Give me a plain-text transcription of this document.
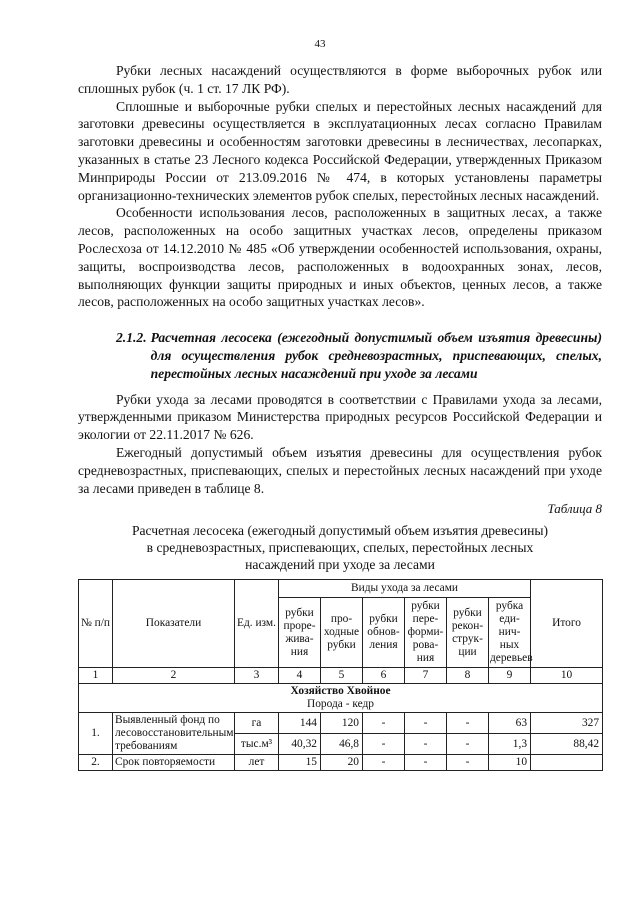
43

Рубки лесных насаждений осуществляются в форме выборочных рубок или сплошных рубок (ч. 1 ст. 17 ЛК РФ).

Сплошные и выборочные рубки спелых и перестойных лесных насаждений для заготовки древесины осуществляется в эксплуатационных лесах согласно Правилам заготовки древесины и особенностям заготовки древесины в лесничествах, лесопарках, указанных в статье 23 Лесного кодекса Российской Федерации, утвержденных Приказом Минприроды России от 213.09.2016 № 474, в которых установлены параметры организационно-технических элементов рубок спелых, перестойных лесных насаждений.

Особенности использования лесов, расположенных в защитных лесах, а также лесов, расположенных на особо защитных участках лесов, определены приказом Рослесхоза от 14.12.2010 № 485 «Об утверждении особенностей использования, охраны, защиты, воспроизводства лесов, расположенных в водоохранных зонах, лесов, выполняющих функции защиты природных и иных объектов, ценных лесов, а также лесов, расположенных на особо защитных участках лесов».

2.1.2. Расчетная лесосека (ежегодный допустимый объем изъятия древесины) для осуществления рубок средневозрастных, приспевающих, спелых, перестойных лесных насаждений при уходе за лесами

Рубки ухода за лесами проводятся в соответствии с Правилами ухода за лесами, утвержденными приказом Министерства природных ресурсов Российской Федерации и экологии от 22.11.2017 № 626.

Ежегодный допустимый объем изъятия древесины для осуществления рубок средневозрастных, приспевающих, спелых и перестойных лесных насаждений при уходе за лесами приведен в таблице 8.

Таблица 8
Расчетная лесосека (ежегодный допустимый объем изъятия древесины)
в средневозрастных, приспевающих, спелых, перестойных лесных
насаждений при уходе за лесами
№ п/п	Показатели	Ед. изм.	Виды ухода за лесами						Итого
			рубки проре-жива-ния	про-ходные рубки	рубки обнов-ления	рубки пере-форми-рова-ния	рубки рекон-струк-ции	рубка еди-нич-ных деревьев	
1	2	3	4	5	6	7	8	9	10

Хозяйство Хвойное
Порода - кедр									

1.	Выявленный фонд по лесовосстановительным требованиям	га	144	120	-	-	-	63	327
		тыс.м³	40,32	46,8	-	-	-	1,3	88,42
2.	Срок повторяемости	лет	15	20	-	-	-	10	
